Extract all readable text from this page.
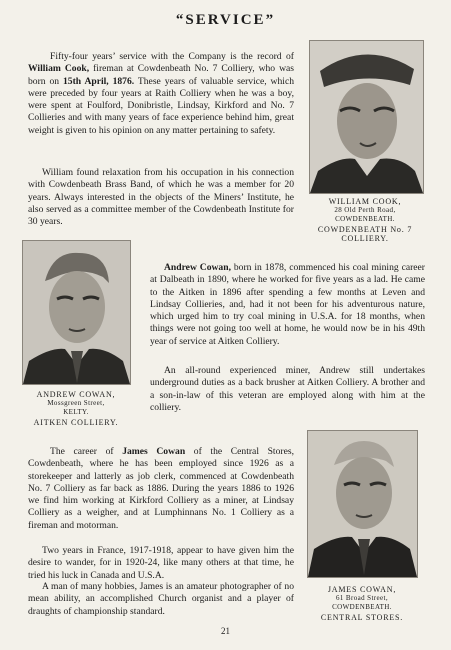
“SERVICE”

Fifty-four years’ service with the Company is the record of William Cook, fireman at Cowdenbeath No. 7 Colliery, who was born on 15th April, 1876. These years of valuable service, which were preceded by four years at Raith Colliery when he was a boy, were spent at Foulford, Donibristle, Lindsay, Kirkford and No. 7 Collieries and with many years of face experience behind him, great weight is given to his opinion on any matter pertaining to safety.

William found relaxation from his occupation in his connection with Cowdenbeath Brass Band, of which he was a member for 20 years. Always interested in the objects of the Miners’ Institute, he also served as a committee member of the Cowdenbeath Institute for 30 years.

WILLIAM COOK,
28 Old Perth Road,
COWDENBEATH.
COWDENBEATH No. 7
COLLIERY.
ANDREW COWAN,
Mossgreen Street,
KELTY.
AITKEN COLLIERY.

Andrew Cowan, born in 1878, commenced his coal mining career at Dalbeath in 1890, where he worked for five years as a lad. He came to the Aitken in 1896 after spending a few months at Leven and Lindsay Collieries, and, had it not been for his adventurous nature, which urged him to try coal mining in U.S.A. for 18 months, when things were not going too well at home, he would now be in his 49th year of service at Aitken Colliery.

An all-round experienced miner, Andrew still undertakes underground duties as a back brusher at Aitken Colliery. A brother and a son-in-law of this veteran are employed along with him at the colliery.

The career of James Cowan of the Central Stores, Cowdenbeath, where he has been employed since 1926 as a storekeeper and latterly as job clerk, commenced at Cowdenbeath No. 7 Colliery as far back as 1886. During the years 1886 to 1926 we find him working at Kirkford Colliery as a miner, at Lindsay Colliery as a weigher, and at Lumphinnans No. 1 Colliery as a fireman and motorman.

Two years in France, 1917-1918, appear to have given him the desire to wander, for in 1920-24, like many others at that time, he tried his luck in Canada and U.S.A.

A man of many hobbies, James is an amateur photographer of no mean ability, an accomplished Church organist and a player of draughts of championship standard.

JAMES COWAN,
61 Broad Street,
COWDENBEATH.
CENTRAL STORES.
21
